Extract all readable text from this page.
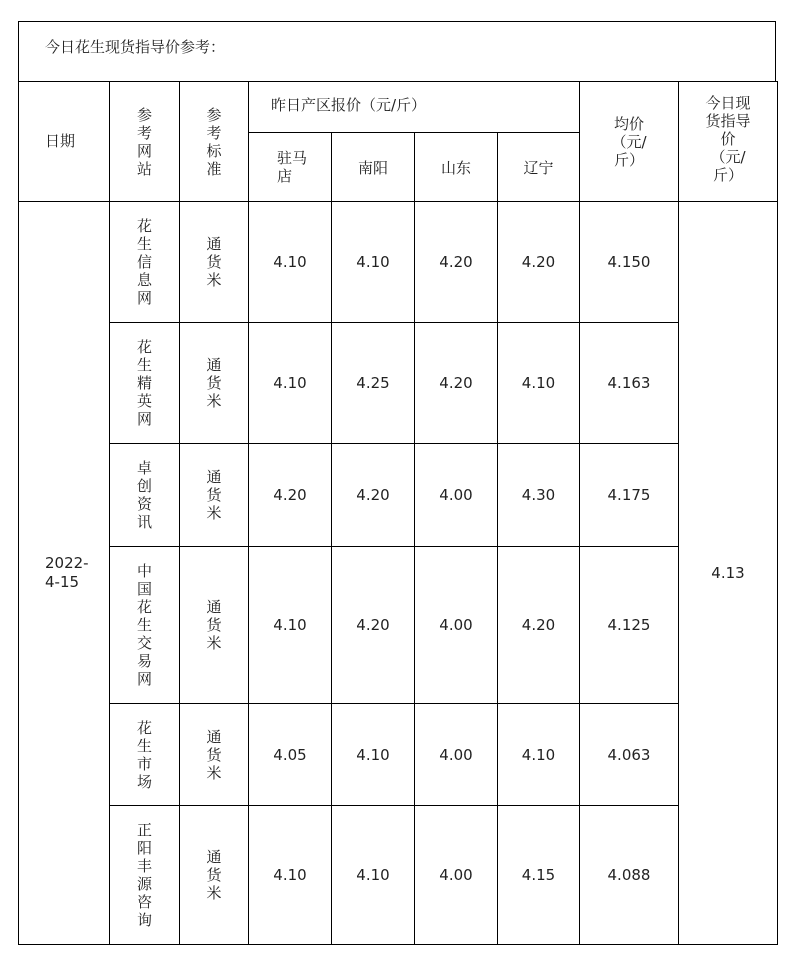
今日花生现货指导价参考：
日期	参考网站	参考标准	昨日产区报价（元/斤）				均价（元/斤）	今日现货指导价（元/斤）

			驻马店	南阳	山东	辽宁		

2022-
4-15	花生信息网	通货米	4.10	4.10	4.20	4.20	4.150	4.13

	花生精英网	通货米	4.10	4.25	4.20	4.10	4.163	

	卓创资讯	通货米	4.20	4.20	4.00	4.30	4.175	

	中国花生交易网	通货米	4.10	4.20	4.00	4.20	4.125	

	花生市场	通货米	4.05	4.10	4.00	4.10	4.063	

	正阳丰源咨询	通货米	4.10	4.10	4.00	4.15	4.088	
